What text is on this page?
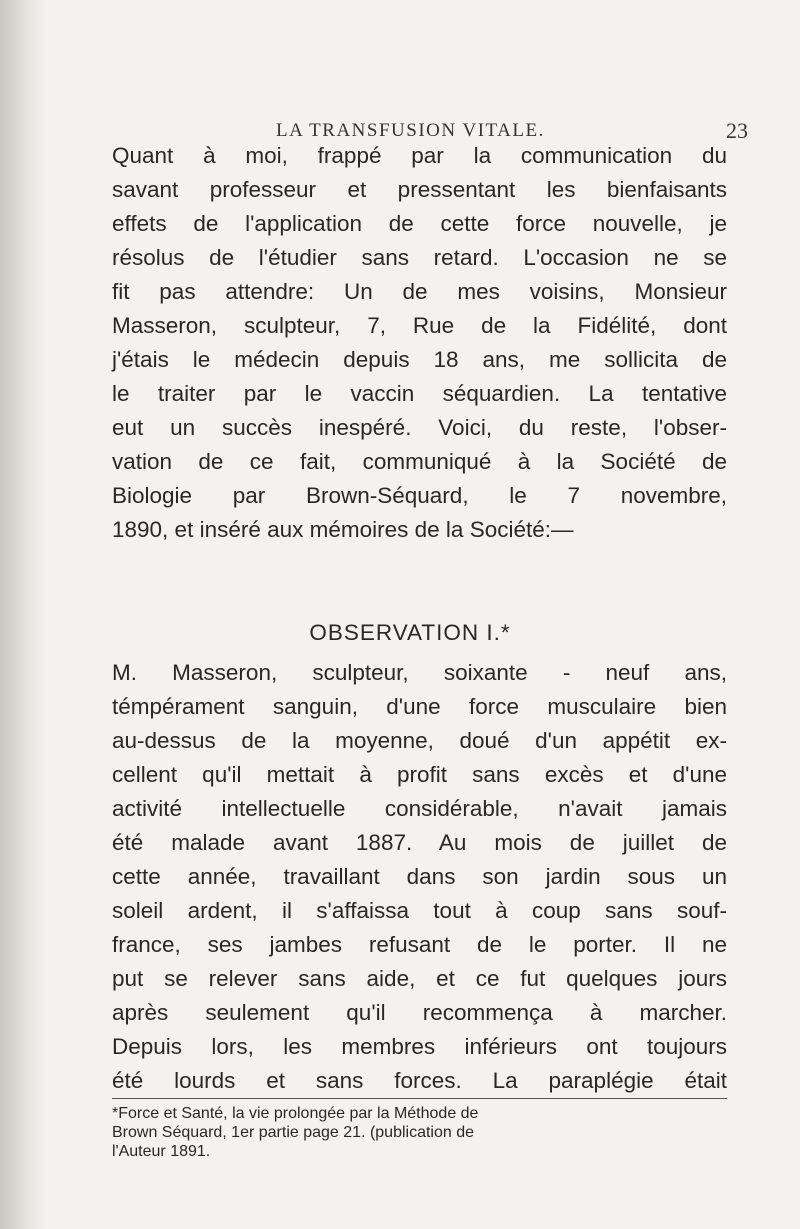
LA TRANSFUSION VITALE.	23
Quant à moi, frappé par la communication du
savant professeur et pressentant les bienfaisants
effets de l'application de cette force nouvelle, je
résolus de l'étudier sans retard. L'occasion ne se
fit pas attendre: Un de mes voisins, Monsieur
Masseron, sculpteur, 7, Rue de la Fidélité, dont
j'étais le médecin depuis 18 ans, me sollicita de
le traiter par le vaccin séquardien. La tentative
eut un succès inespéré. Voici, du reste, l'obser-
vation de ce fait, communiqué à la Société de
Biologie par Brown-Séquard, le 7 novembre,
1890, et inséré aux mémoires de la Société:—
OBSERVATION I.*
M. Masseron, sculpteur, soixante - neuf ans,
témpérament sanguin, d'une force musculaire bien
au-dessus de la moyenne, doué d'un appétit ex-
cellent qu'il mettait à profit sans excès et d'une
activité intellectuelle considérable, n'avait jamais
été malade avant 1887. Au mois de juillet de
cette année, travaillant dans son jardin sous un
soleil ardent, il s'affaissa tout à coup sans souf-
france, ses jambes refusant de le porter. Il ne
put se relever sans aide, et ce fut quelques jours
après seulement qu'il recommença à marcher.
Depuis lors, les membres inférieurs ont toujours
été lourds et sans forces. La paraplégie était
*Force et Santé, la vie prolongée par la Méthode de
Brown Séquard, 1er partie page 21. (publication de
l'Auteur 1891.
